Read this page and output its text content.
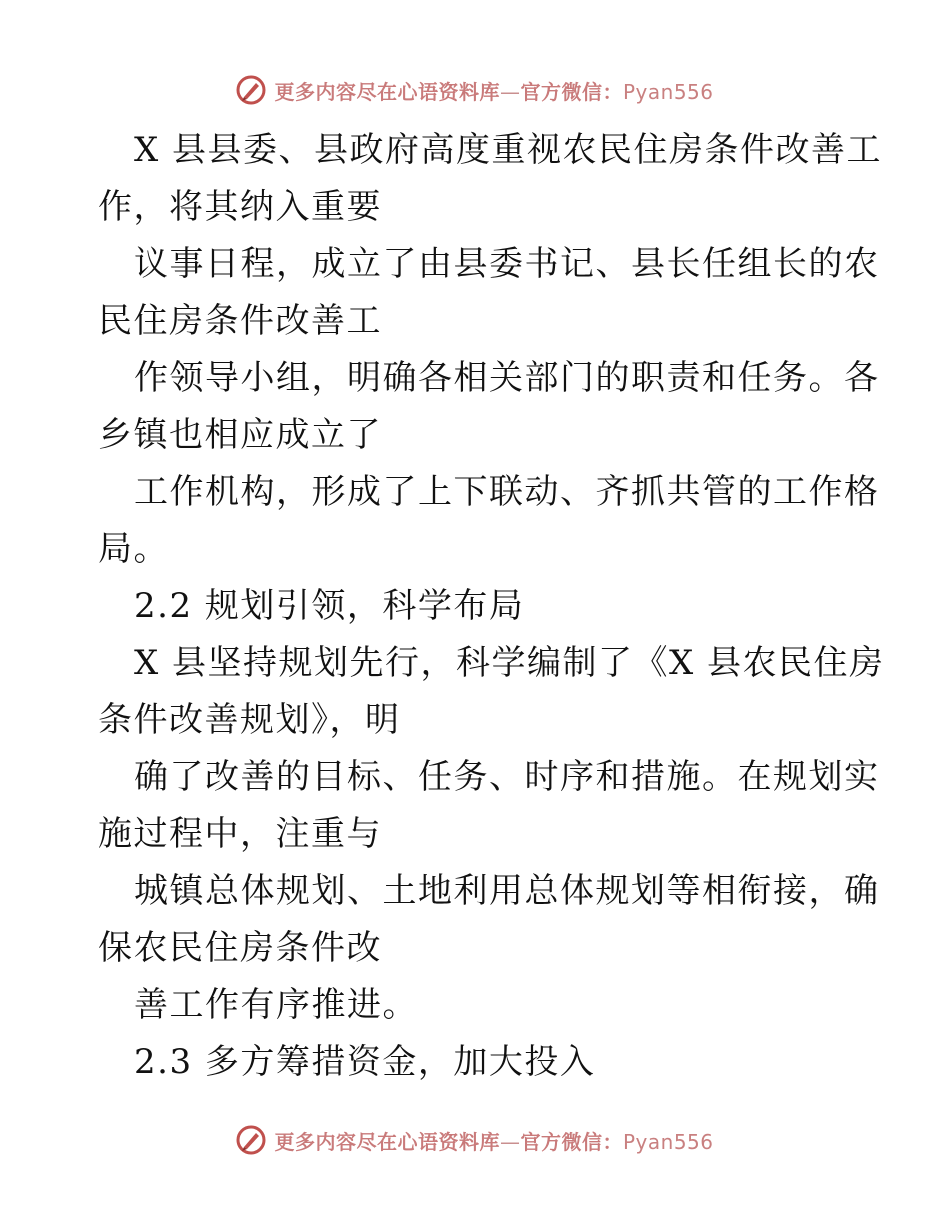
更多内容尽在心语资料库—官方微信：Pyan556
X 县县委、县政府高度重视农民住房条件改善工
作，将其纳入重要
议事日程，成立了由县委书记、县长任组长的农
民住房条件改善工
作领导小组，明确各相关部门的职责和任务。各
乡镇也相应成立了
工作机构，形成了上下联动、齐抓共管的工作格
局。
2.2 规划引领，科学布局
X 县坚持规划先行，科学编制了《X 县农民住房
条件改善规划》，明
确了改善的目标、任务、时序和措施。在规划实
施过程中，注重与
城镇总体规划、土地利用总体规划等相衔接，确
保农民住房条件改
善工作有序推进。
2.3 多方筹措资金，加大投入
更多内容尽在心语资料库—官方微信：Pyan556
